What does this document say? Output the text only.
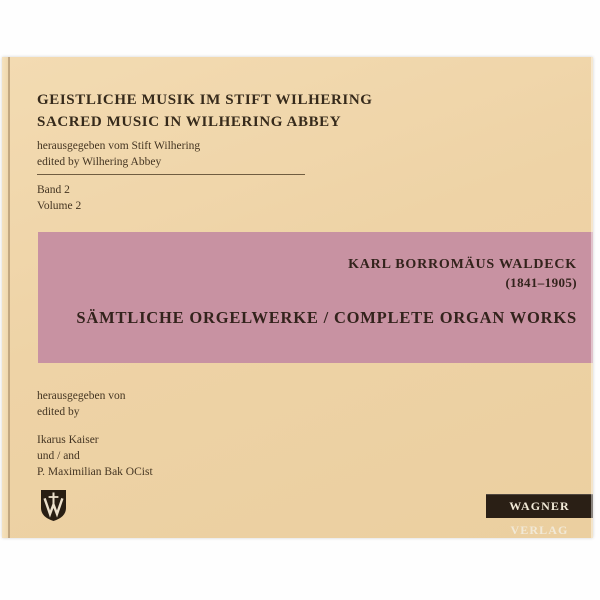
GEISTLICHE MUSIK IM STIFT WILHERING
SACRED MUSIC IN WILHERING ABBEY
herausgegeben vom Stift Wilhering
edited by Wilhering Abbey
Band 2
Volume 2
KARL BORROMÄUS WALDECK
(1841–1905)
SÄMTLICHE ORGELWERKE / COMPLETE ORGAN WORKS
herausgegeben von
edited by
Ikarus Kaiser
und / and
P. Maximilian Bak OCist
WAGNER VERLAG
